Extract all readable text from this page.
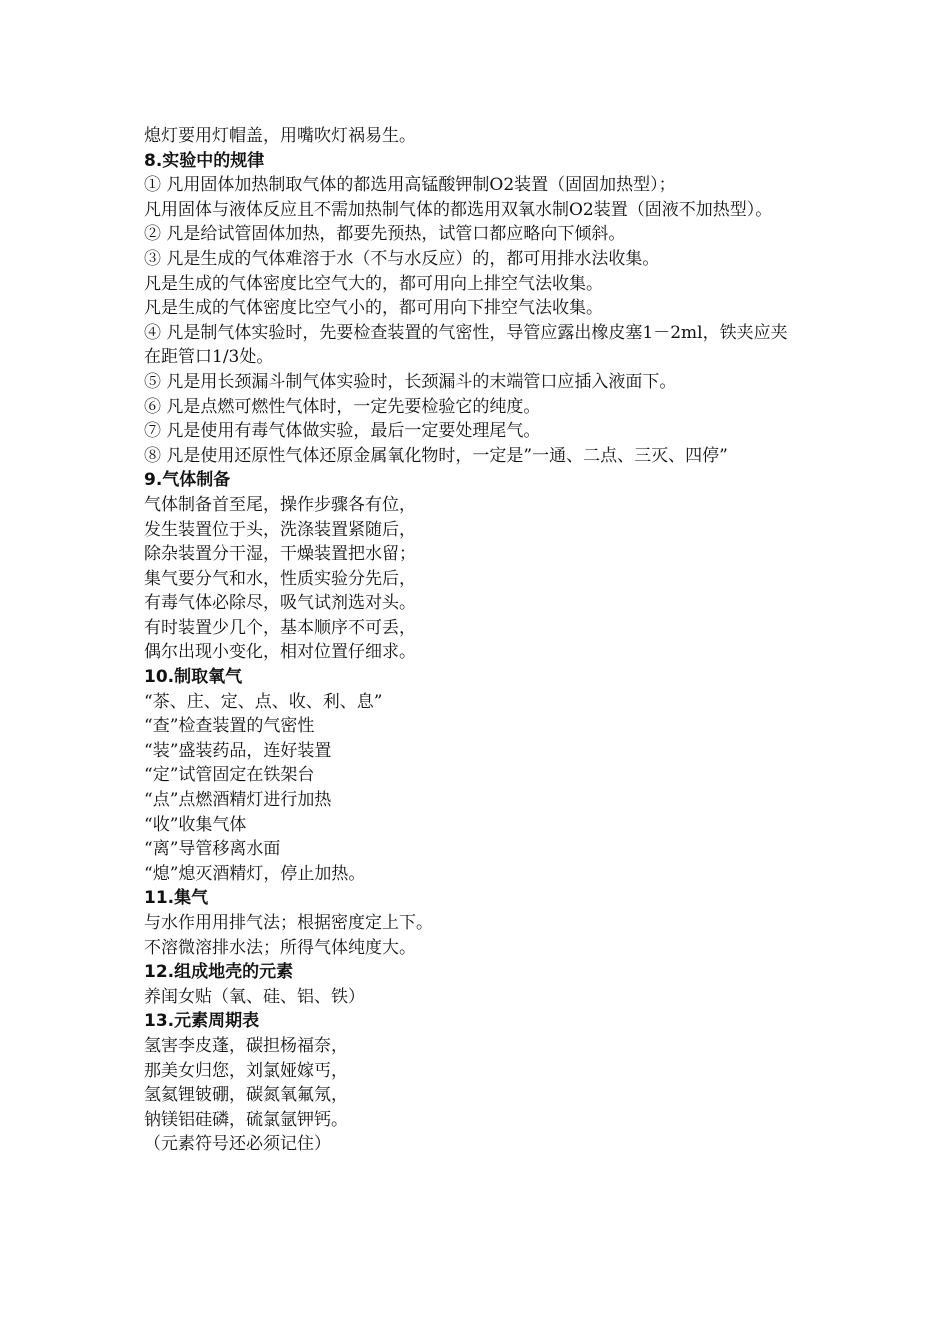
熄灯要用灯帽盖，用嘴吹灯祸易生。
8.实验中的规律
① 凡用固体加热制取气体的都选用高锰酸钾制O2装置（固固加热型）；
凡用固体与液体反应且不需加热制气体的都选用双氧水制O2装置（固液不加热型）。
② 凡是给试管固体加热，都要先预热，试管口都应略向下倾斜。
③ 凡是生成的气体难溶于水（不与水反应）的，都可用排水法收集。
凡是生成的气体密度比空气大的，都可用向上排空气法收集。
凡是生成的气体密度比空气小的，都可用向下排空气法收集。
④ 凡是制气体实验时，先要检查装置的气密性，导管应露出橡皮塞1－2ml，铁夹应夹在距管口1/3处。
⑤ 凡是用长颈漏斗制气体实验时，长颈漏斗的末端管口应插入液面下。
⑥ 凡是点燃可燃性气体时，一定先要检验它的纯度。
⑦ 凡是使用有毒气体做实验，最后一定要处理尾气。
⑧ 凡是使用还原性气体还原金属氧化物时，一定是”一通、二点、三灭、四停”
9.气体制备
气体制备首至尾，操作步骤各有位，
发生装置位于头，洗涤装置紧随后，
除杂装置分干湿，干燥装置把水留；
集气要分气和水，性质实验分先后，
有毒气体必除尽，吸气试剂选对头。
有时装置少几个，基本顺序不可丢，
偶尔出现小变化，相对位置仔细求。
10.制取氧气
“茶、庄、定、点、收、利、息”
“查”检查装置的气密性
“装”盛装药品，连好装置
“定”试管固定在铁架台
“点”点燃酒精灯进行加热
“收”收集气体
“离”导管移离水面
“熄”熄灭酒精灯，停止加热。
11.集气
与水作用用排气法；根据密度定上下。
不溶微溶排水法；所得气体纯度大。
12.组成地壳的元素
养闺女贴（氧、硅、铝、铁）
13.元素周期表
氢害李皮蓬，碳担杨福奈，
那美女归您，刘氯娅嫁丐，
氢氦锂铍硼，碳氮氧氟氖，
钠镁铝硅磷，硫氯氩钾钙。
（元素符号还必须记住）
